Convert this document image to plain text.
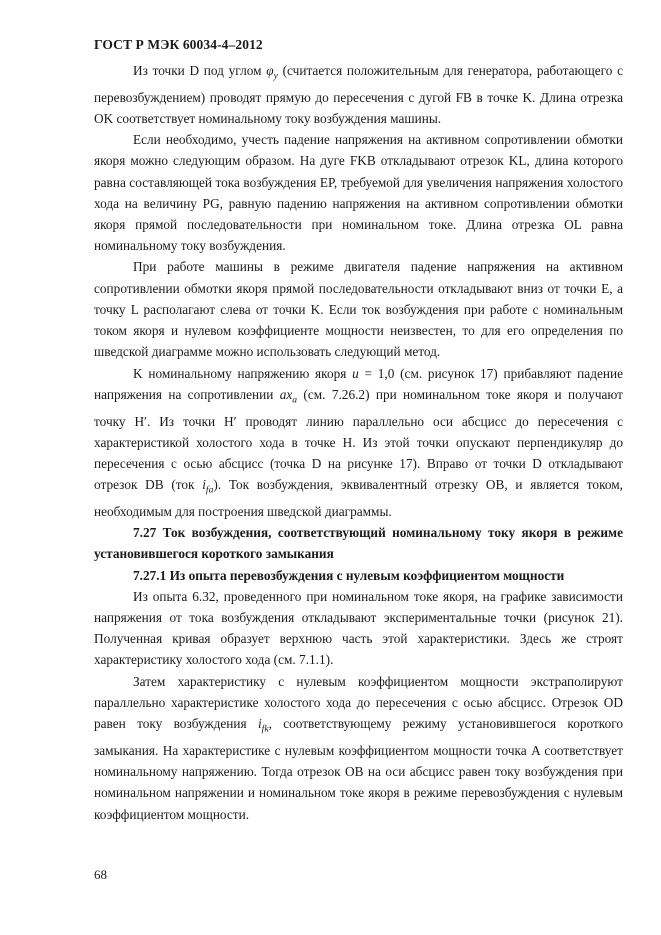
ГОСТ Р МЭК 60034-4–2012

Из точки D под углом $\varphi_y$ (считается положительным для генератора, работающего с перевозбуждением) проводят прямую до пересечения с дугой FB в точке K. Длина отрезка OK соответствует номинальному току возбуждения машины.

Если необходимо, учесть падение напряжения на активном сопротивлении обмотки якоря можно следующим образом. На дуге FKB откладывают отрезок KL, длина которого равна составляющей тока возбуждения EP, требуемой для увеличения напряжения холостого хода на величину PG, равную падению напряжения на активном сопротивлении обмотки якоря прямой последовательности при номинальном токе. Длина отрезка OL равна номинальному току возбуждения.

При работе машины в режиме двигателя падение напряжения на активном сопротивлении обмотки якоря прямой последовательности откладывают вниз от точки E, а точку L располагают слева от точки K. Если ток возбуждения при работе с номинальным током якоря и нулевом коэффициенте мощности неизвестен, то для его определения по шведской диаграмме можно использовать следующий метод.

K номинальному напряжению якоря u = 1,0 (см. рисунок 17) прибавляют падение напряжения на сопротивлении $ax_a$ (см. 7.26.2) при номинальном токе якоря и получают точку H′. Из точки H′ проводят линию параллельно оси абсцисс до пересечения с характеристикой холостого хода в точке H. Из этой точки опускают перпендикуляр до пересечения с осью абсцисс (точка D на рисунке 17). Вправо от точки D откладывают отрезок DB (ток $i_{fa}$). Ток возбуждения, эквивалентный отрезку OB, и является током, необходимым для построения шведской диаграммы.

7.27 Ток возбуждения, соответствующий номинальному току якоря в режиме установившегося короткого замыкания

7.27.1 Из опыта перевозбуждения с нулевым коэффициентом мощности

Из опыта 6.32, проведенного при номинальном токе якоря, на графике зависимости напряжения от тока возбуждения откладывают экспериментальные точки (рисунок 21). Полученная кривая образует верхнюю часть этой характеристики. Здесь же строят характеристику холостого хода (см. 7.1.1).

Затем характеристику с нулевым коэффициентом мощности экстраполируют параллельно характеристике холостого хода до пересечения с осью абсцисс. Отрезок OD равен току возбуждения $i_{fk}$, соответствующему режиму установившегося короткого замыкания. На характеристике с нулевым коэффициентом мощности точка A соответствует номинальному напряжению. Тогда отрезок OB на оси абсцисс равен току возбуждения при номинальном напряжении и номинальном токе якоря в режиме перевозбуждения с нулевым коэффициентом мощности.

68
